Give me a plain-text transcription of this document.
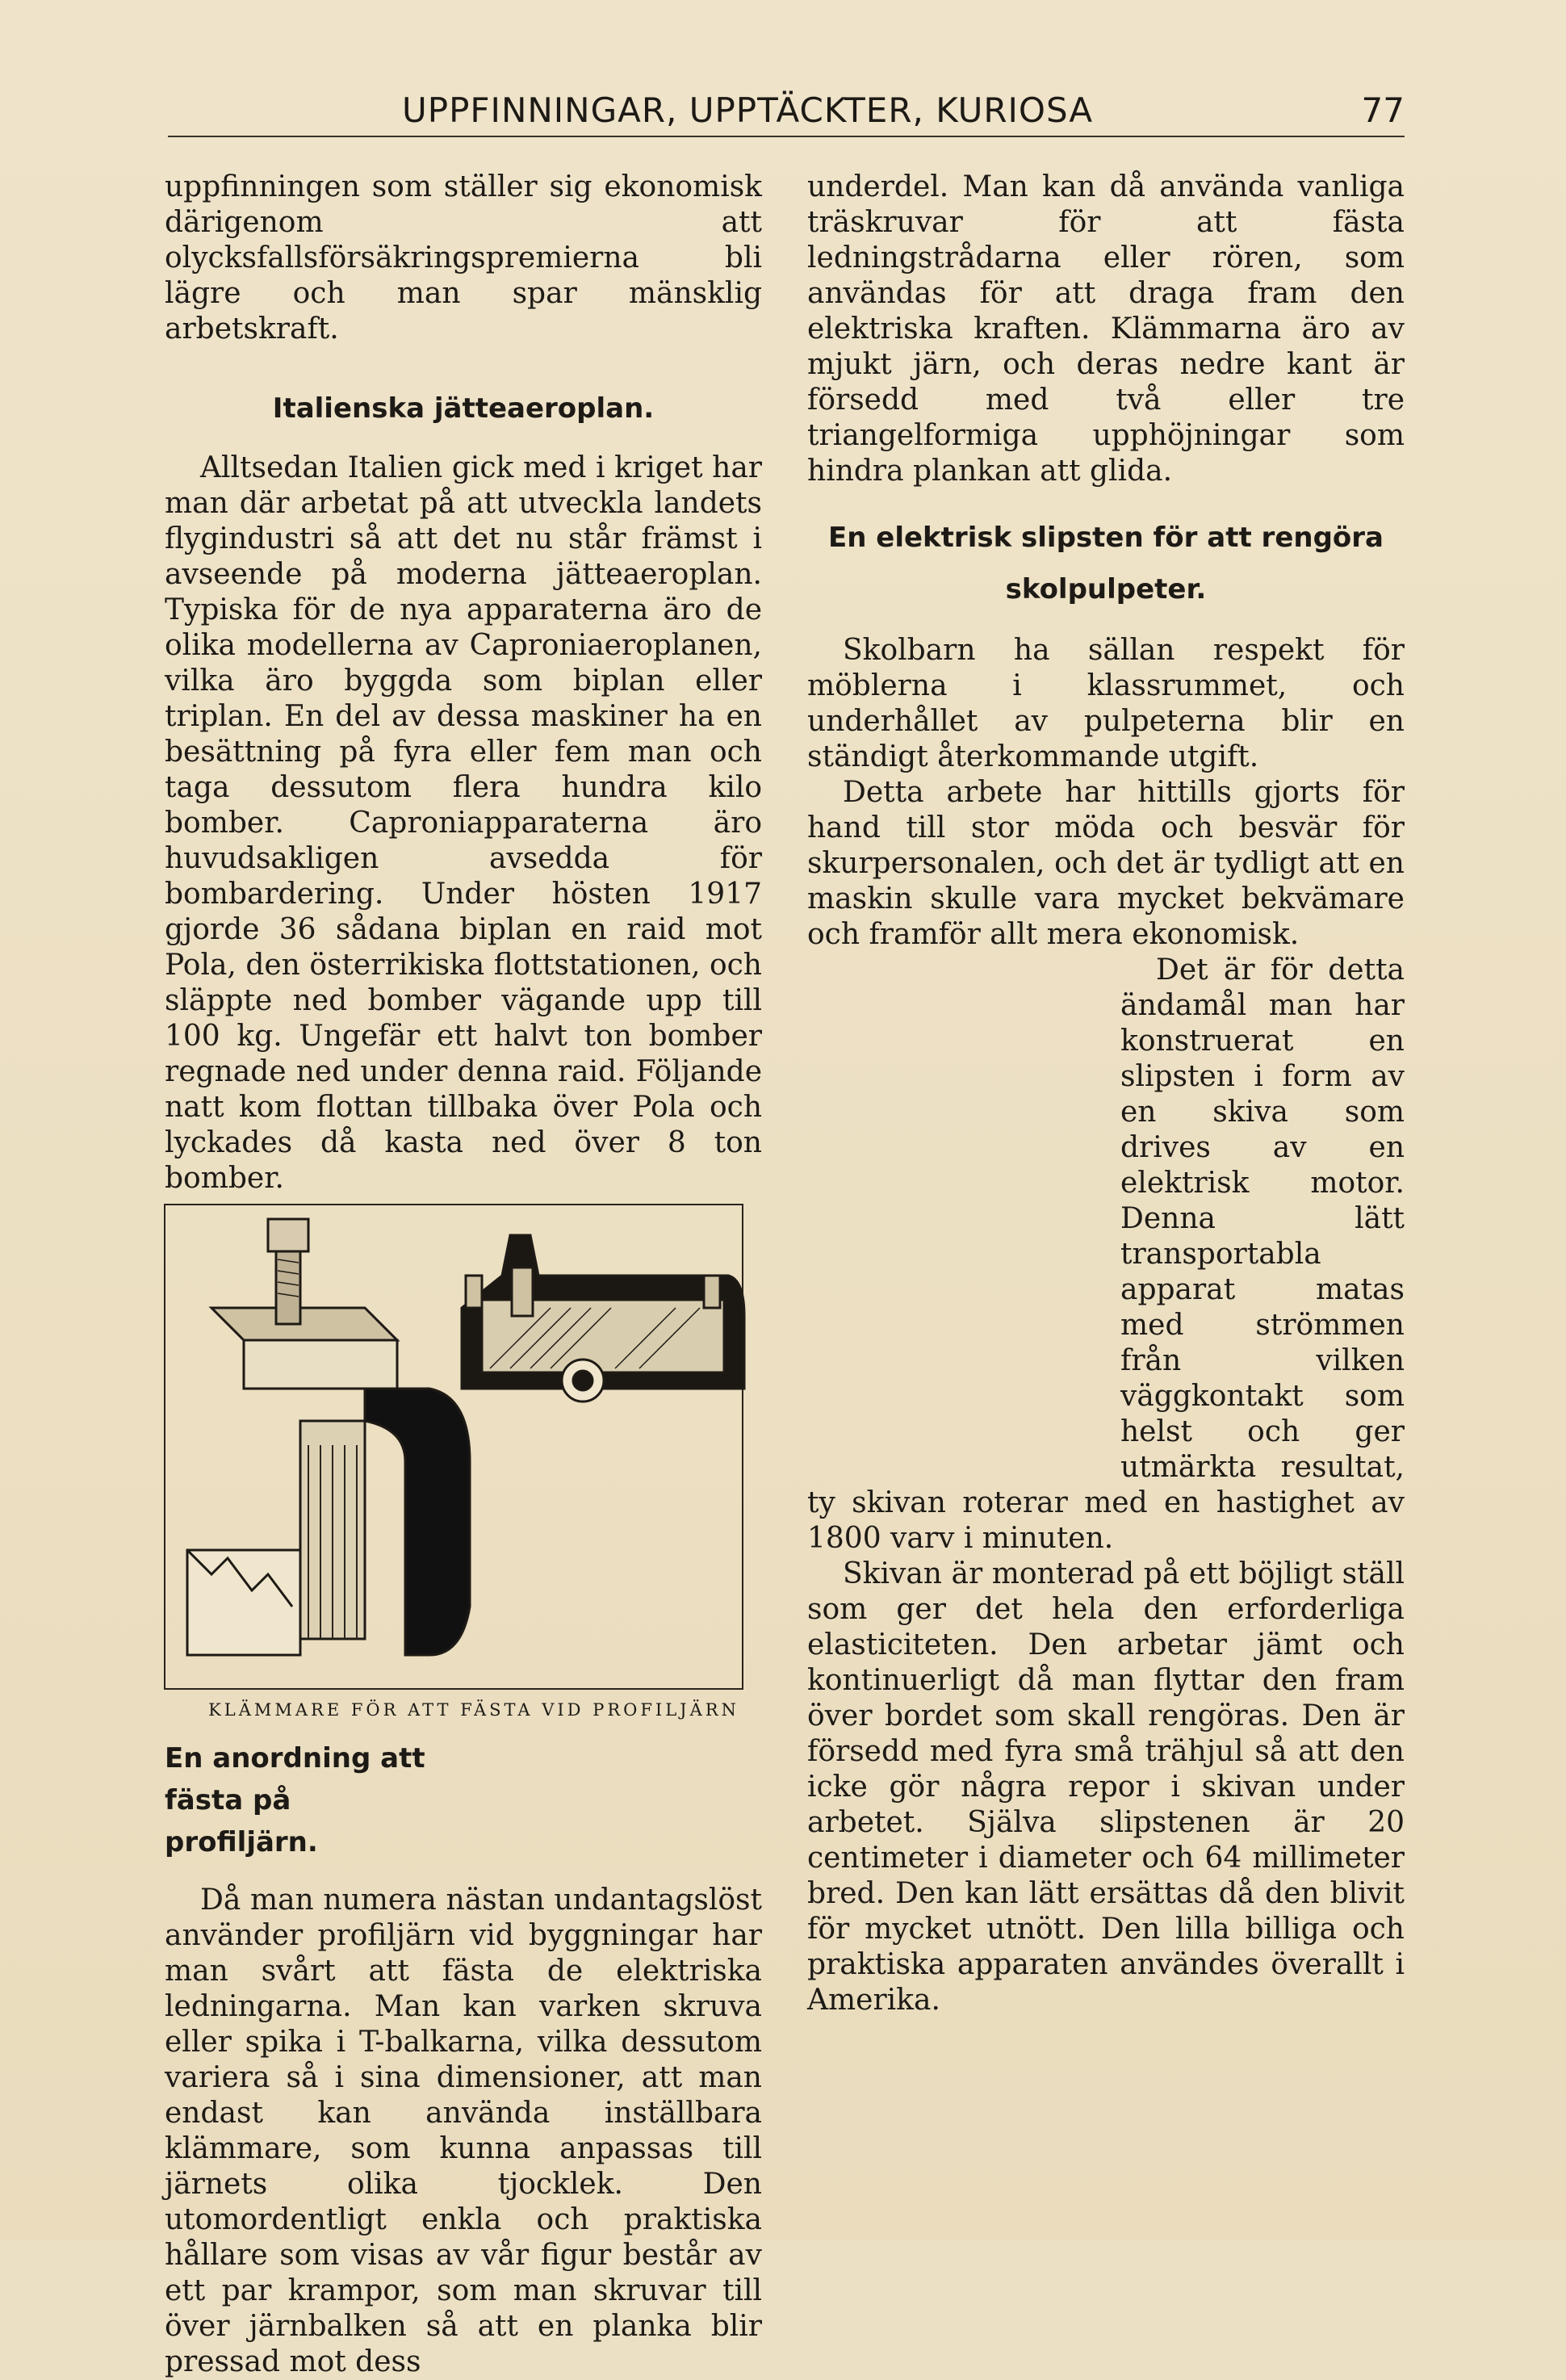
UPPFINNINGAR, UPPTÄCKTER, KURIOSA	77

uppfinningen som ställer sig ekonomisk därigenom att olycksfallsförsäkringspremierna bli lägre och man spar mänsklig arbetskraft.

Italienska jätteaeroplan.

Alltsedan Italien gick med i kriget har man där arbetat på att utveckla landets flygindustri så att det nu står främst i avseende på moderna jätteaeroplan. Typiska för de nya apparaterna äro de olika modellerna av Caproniaeroplanen, vilka äro byggda som biplan eller triplan. En del av dessa maskiner ha en besättning på fyra eller fem man och taga dessutom flera hundra kilo bomber. Caproniapparaterna äro huvudsakligen avsedda för bombardering. Under hösten 1917 gjorde 36 sådana biplan en raid mot Pola, den österrikiska flottstationen, och släppte ned bomber vägande upp till 100 kg. Ungefär ett halvt ton bomber regnade ned under denna raid. Följande natt kom flottan tillbaka över Pola och lyckades då kasta ned över 8 ton bomber.

KLÄMMARE FÖR ATT FÄSTA VID PROFILJÄRN
En anordning att fästa på profiljärn.

Då man numera nästan undantagslöst använder profiljärn vid byggningar har man svårt att fästa de elektriska ledningarna. Man kan varken skruva eller spika i T-balkarna, vilka dessutom variera så i sina dimensioner, att man endast kan använda inställbara klämmare, som kunna anpassas till järnets olika tjocklek. Den utomordentligt enkla och praktiska hållare som visas av vår figur består av ett par krampor, som man skruvar till över järnbalken så att en planka blir pressad mot dess

underdel. Man kan då använda vanliga träskruvar för att fästa ledningstrådarna eller rören, som användas för att draga fram den elektriska kraften. Klämmarna äro av mjukt järn, och deras nedre kant är försedd med två eller tre triangelformiga upphöjningar som hindra plankan att glida.

En elektrisk slipsten för att rengöra skolpulpeter.

Skolbarn ha sällan respekt för möblerna i klassrummet, och underhållet av pulpeterna blir en ständigt återkommande utgift.

Detta arbete har hittills gjorts för hand till stor möda och besvär för skurpersonalen, och det är tydligt att en maskin skulle vara mycket bekvämare och framför allt mera ekonomisk.

Det är för detta ändamål man har konstruerat en slipsten i form av en skiva som drives av en elektrisk motor. Denna lätt transportabla apparat matas med strömmen från vilken väggkontakt som helst och ger utmärkta resultat, ty skivan roterar med en hastighet av 1800 varv i minuten.

Skivan är monterad på ett böjligt ställ som ger det hela den erforderliga elasticiteten. Den arbetar jämt och kontinuerligt då man flyttar den fram över bordet som skall rengöras. Den är försedd med fyra små trähjul så att den icke gör några repor i skivan under arbetet. Själva slipstenen är 20 centimeter i diameter och 64 millimeter bred. Den kan lätt ersättas då den blivit för mycket utnött. Den lilla billiga och praktiska apparaten användes överallt i Amerika.
